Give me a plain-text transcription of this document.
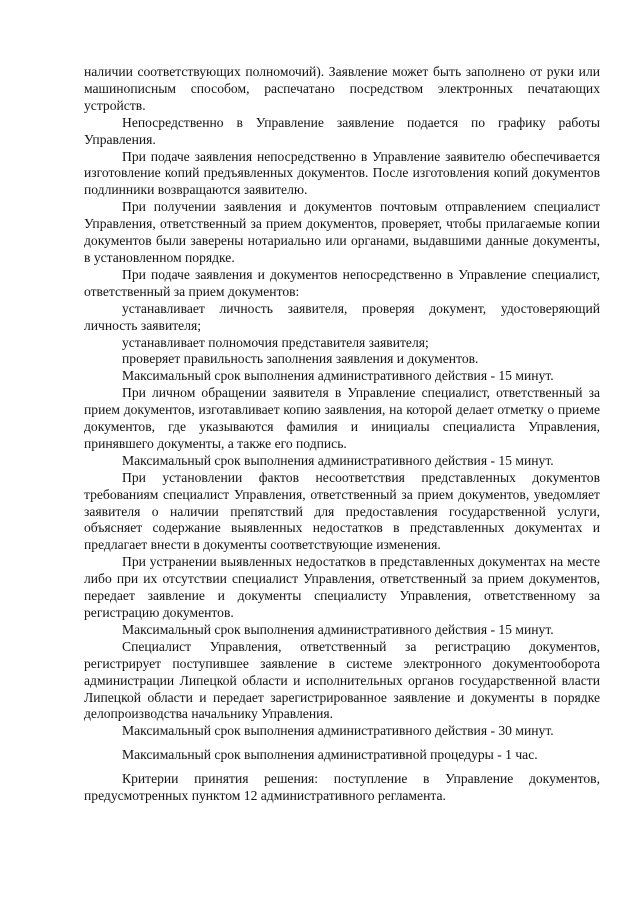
наличии соответствующих полномочий). Заявление может быть заполнено от руки или машинописным способом, распечатано посредством электронных печатающих устройств.

Непосредственно в Управление заявление подается по графику работы Управления.

При подаче заявления непосредственно в Управление заявителю обеспечивается изготовление копий предъявленных документов. После изготовления копий документов подлинники возвращаются заявителю.

При получении заявления и документов почтовым отправлением специалист Управления, ответственный за прием документов, проверяет, чтобы прилагаемые копии документов были заверены нотариально или органами, выдавшими данные документы, в установленном порядке.

При подаче заявления и документов непосредственно в Управление специалист, ответственный за прием документов:

устанавливает личность заявителя, проверяя документ, удостоверяющий личность заявителя;

устанавливает полномочия представителя заявителя;

проверяет правильность заполнения заявления и документов.

Максимальный срок выполнения административного действия - 15 минут.

При личном обращении заявителя в Управление специалист, ответственный за прием документов, изготавливает копию заявления, на которой делает отметку о приеме документов, где указываются фамилия и инициалы специалиста Управления, принявшего документы, а также его подпись.

Максимальный срок выполнения административного действия - 15 минут.

При установлении фактов несоответствия представленных документов требованиям специалист Управления, ответственный за прием документов, уведомляет заявителя о наличии препятствий для предоставления государственной услуги, объясняет содержание выявленных недостатков в представленных документах и предлагает внести в документы соответствующие изменения.

При устранении выявленных недостатков в представленных документах на месте либо при их отсутствии специалист Управления, ответственный за прием документов, передает заявление и документы специалисту Управления, ответственному за регистрацию документов.

Максимальный срок выполнения административного действия - 15 минут.

Специалист Управления, ответственный за регистрацию документов, регистрирует поступившее заявление в системе электронного документооборота администрации Липецкой области и исполнительных органов государственной власти Липецкой области и передает зарегистрированное заявление и документы в порядке делопроизводства начальнику Управления.

Максимальный срок выполнения административного действия - 30 минут.

Максимальный срок выполнения административной процедуры - 1 час.

Критерии принятия решения: поступление в Управление документов, предусмотренных пунктом 12 административного регламента.
